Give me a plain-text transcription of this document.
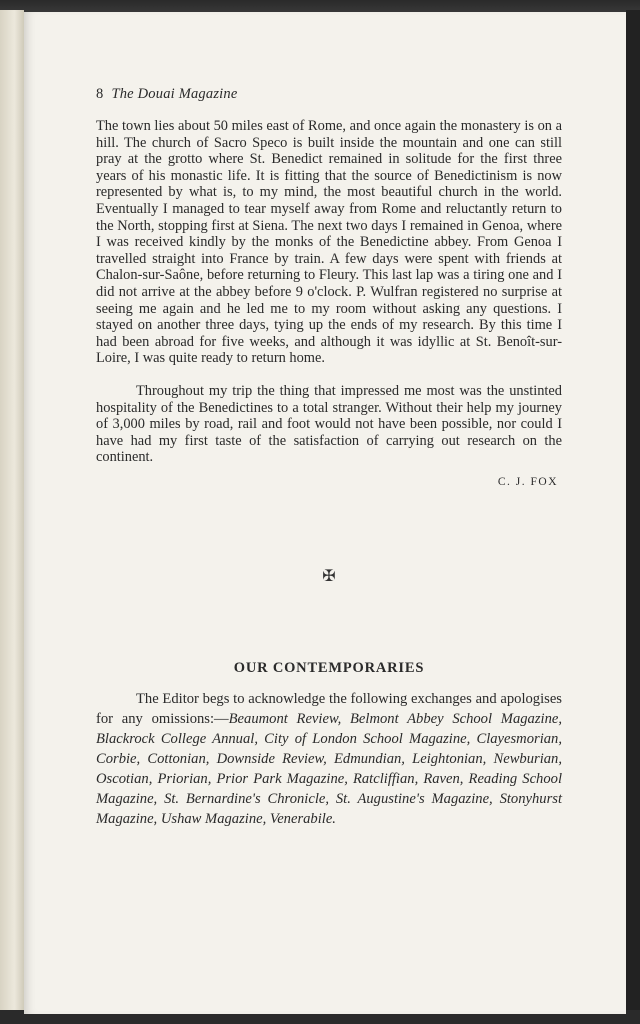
8 The Douai Magazine

The town lies about 50 miles east of Rome, and once again the monastery is on a hill. The church of Sacro Speco is built inside the mountain and one can still pray at the grotto where St. Benedict remained in solitude for the first three years of his monastic life. It is fitting that the source of Benedictinism is now represented by what is, to my mind, the most beautiful church in the world. Eventually I managed to tear myself away from Rome and reluctantly return to the North, stopping first at Siena. The next two days I remained in Genoa, where I was received kindly by the monks of the Benedictine abbey. From Genoa I travelled straight into France by train. A few days were spent with friends at Chalon-sur-Saône, before returning to Fleury. This last lap was a tiring one and I did not arrive at the abbey before 9 o'clock. P. Wulfran registered no surprise at seeing me again and he led me to my room without asking any questions. I stayed on another three days, tying up the ends of my research. By this time I had been abroad for five weeks, and although it was idyllic at St. Benoît-sur-Loire, I was quite ready to return home.

Throughout my trip the thing that impressed me most was the unstinted hospitality of the Benedictines to a total stranger. Without their help my journey of 3,000 miles by road, rail and foot would not have been possible, nor could I have had my first taste of the satisfaction of carrying out research on the continent.

C. J. FOX
✠
OUR CONTEMPORARIES

The Editor begs to acknowledge the following exchanges and apologises for any omissions:—Beaumont Review, Belmont Abbey School Magazine, Blackrock College Annual, City of London School Magazine, Clayesmorian, Corbie, Cottonian, Downside Review, Edmundian, Leightonian, Newburian, Oscotian, Priorian, Prior Park Magazine, Ratcliffian, Raven, Reading School Magazine, St. Bernardine's Chronicle, St. Augustine's Magazine, Stonyhurst Magazine, Ushaw Magazine, Venerabile.
